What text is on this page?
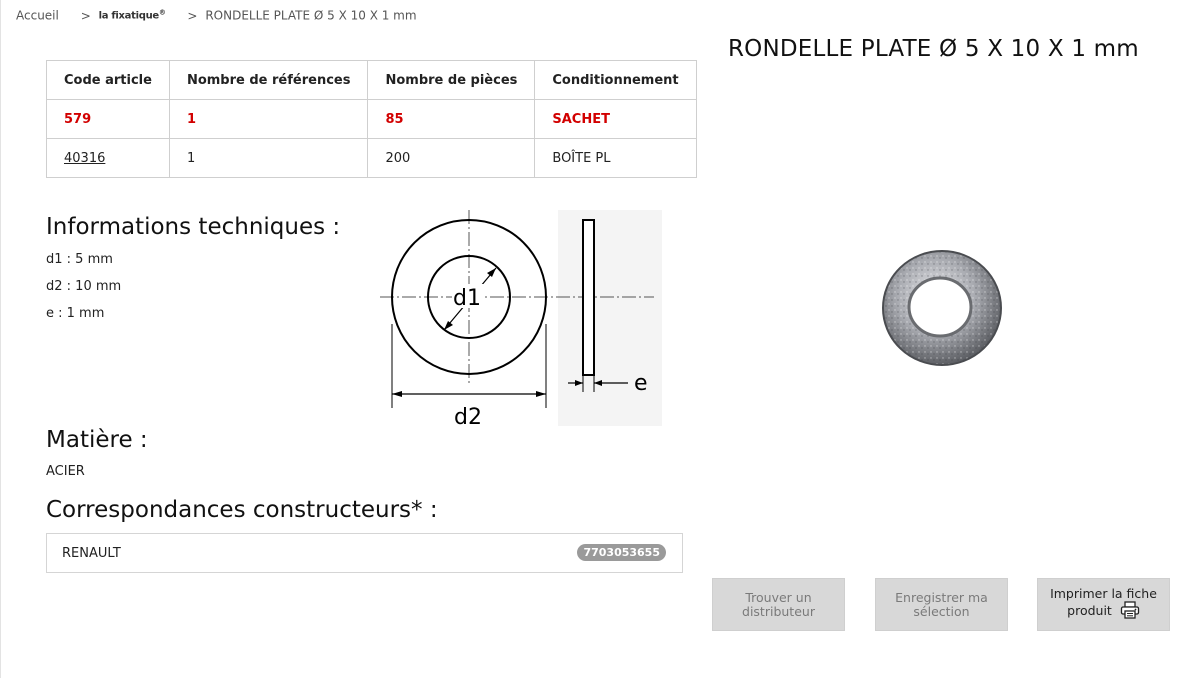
Accueil > la fixatique® > RONDELLE PLATE Ø 5 X 10 X 1 mm
RONDELLE PLATE Ø 5 X 10 X 1 mm
Code article	Nombre de références	Nombre de pièces	Conditionnement
579	1	85	SACHET
40316	1	200	BOÎTE PL
Informations techniques :
d1 : 5 mm
d2 : 10 mm
e : 1 mm
d1
d2
e
Matière :
ACIER
Correspondances constructeurs* :
RENAULT	7703053655
Trouver un
distributeur
Enregistrer ma
sélection
Imprimer la fiche
produit
